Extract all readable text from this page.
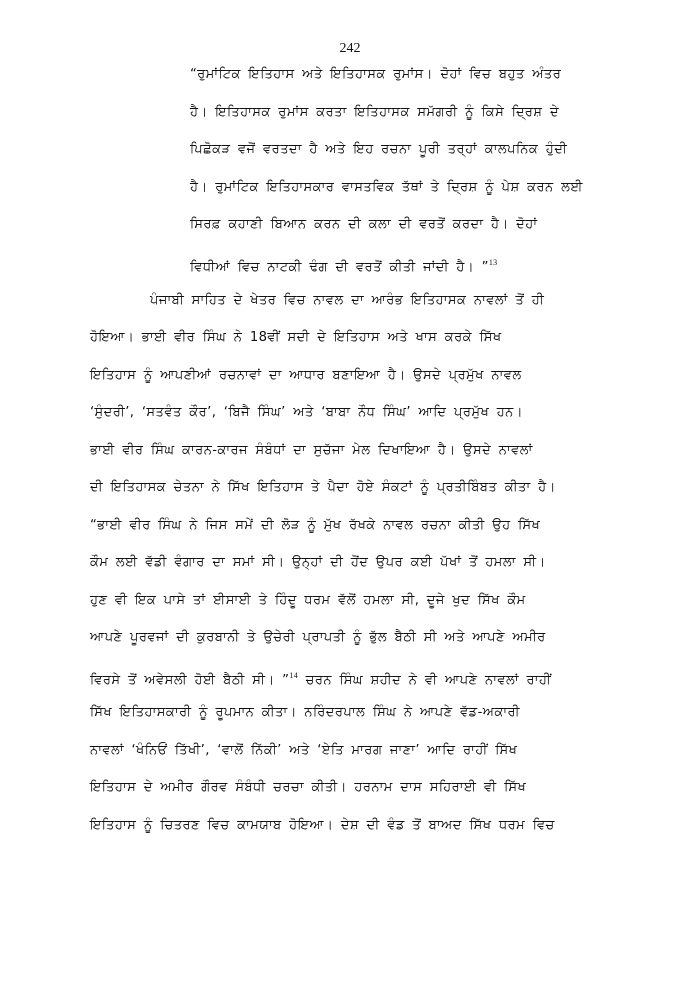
242
“ਰੁਮਾਂਟਿਕ ਇਤਿਹਾਸ ਅਤੇ ਇਤਿਹਾਸਕ ਰੁਮਾਂਸ। ਦੋਹਾਂ ਵਿਚ ਬਹੁਤ ਅੰਤਰ
ਹੈ। ਇਤਿਹਾਸਕ ਰੁਮਾਂਸ ਕਰਤਾ ਇਤਿਹਾਸਕ ਸਮੱਗਰੀ ਨੂੰ ਕਿਸੇ ਦ੍ਰਿਸ਼ ਦੇ
ਪਿਛੋਕੜ ਵਜੋਂ ਵਰਤਦਾ ਹੈ ਅਤੇ ਇਹ ਰਚਨਾ ਪੂਰੀ ਤਰ੍ਹਾਂ ਕਾਲਪਨਿਕ ਹੁੰਦੀ
ਹੈ। ਰੁਮਾਂਟਿਕ ਇਤਿਹਾਸਕਾਰ ਵਾਸਤਵਿਕ ਤੱਥਾਂ ਤੇ ਦ੍ਰਿਸ਼ ਨੂੰ ਪੇਸ਼ ਕਰਨ ਲਈ
ਸਿਰਫ਼ ਕਹਾਣੀ ਬਿਆਨ ਕਰਨ ਦੀ ਕਲਾ ਦੀ ਵਰਤੋਂ ਕਰਦਾ ਹੈ। ਦੋਹਾਂ
ਵਿਧੀਆਂ ਵਿਚ ਨਾਟਕੀ ਢੰਗ ਦੀ ਵਰਤੋਂ ਕੀਤੀ ਜਾਂਦੀ ਹੈ। ”$^{13}$
ਪੰਜਾਬੀ ਸਾਹਿਤ ਦੇ ਖੇਤਰ ਵਿਚ ਨਾਵਲ ਦਾ ਆਰੰਭ ਇਤਿਹਾਸਕ ਨਾਵਲਾਂ ਤੋਂ ਹੀ
ਹੋਇਆ। ਭਾਈ ਵੀਰ ਸਿੰਘ ਨੇ 18ਵੀਂ ਸਦੀ ਦੇ ਇਤਿਹਾਸ ਅਤੇ ਖਾਸ ਕਰਕੇ ਸਿੱਖ
ਇਤਿਹਾਸ ਨੂੰ ਆਪਣੀਆਂ ਰਚਨਾਵਾਂ ਦਾ ਆਧਾਰ ਬਣਾਇਆ ਹੈ। ਉਸਦੇ ਪ੍ਰਮੁੱਖ ਨਾਵਲ
‘ਸੁੰਦਰੀ’, ‘ਸਤਵੰਤ ਕੌਰ’, ‘ਬਿਜੈ ਸਿੰਘ’ ਅਤੇ ‘ਬਾਬਾ ਨੌਧ ਸਿੰਘ’ ਆਦਿ ਪ੍ਰਮੁੱਖ ਹਨ।
ਭਾਈ ਵੀਰ ਸਿੰਘ ਕਾਰਨ-ਕਾਰਜ ਸੰਬੰਧਾਂ ਦਾ ਸੁਚੱਜਾ ਮੇਲ ਦਿਖਾਇਆ ਹੈ। ਉਸਦੇ ਨਾਵਲਾਂ
ਦੀ ਇਤਿਹਾਸਕ ਚੇਤਨਾ ਨੇ ਸਿੱਖ ਇਤਿਹਾਸ ਤੇ ਪੈਦਾ ਹੋਏ ਸੰਕਟਾਂ ਨੂੰ ਪ੍ਰਤੀਬਿੰਬਤ ਕੀਤਾ ਹੈ।
“ਭਾਈ ਵੀਰ ਸਿੰਘ ਨੇ ਜਿਸ ਸਮੇਂ ਦੀ ਲੋੜ ਨੂੰ ਮੁੱਖ ਰੱਖਕੇ ਨਾਵਲ ਰਚਨਾ ਕੀਤੀ ਉਹ ਸਿੱਖ
ਕੌਮ ਲਈ ਵੱਡੀ ਵੰਗਾਰ ਦਾ ਸਮਾਂ ਸੀ। ਉਨ੍ਹਾਂ ਦੀ ਹੋਂਦ ਉਪਰ ਕਈ ਪੱਖਾਂ ਤੋਂ ਹਮਲਾ ਸੀ।
ਹੁਣ ਵੀ ਇਕ ਪਾਸੇ ਤਾਂ ਈਸਾਈ ਤੇ ਹਿੰਦੂ ਧਰਮ ਵੱਲੋਂ ਹਮਲਾ ਸੀ, ਦੂਜੇ ਖੁਦ ਸਿੱਖ ਕੌਮ
ਆਪਣੇ ਪੂਰਵਜਾਂ ਦੀ ਕੁਰਬਾਨੀ ਤੇ ਉਚੇਰੀ ਪ੍ਰਾਪਤੀ ਨੂੰ ਭੁੱਲ ਬੈਠੀ ਸੀ ਅਤੇ ਆਪਣੇ ਅਮੀਰ
ਵਿਰਸੇ ਤੋਂ ਅਵੇਸਲੀ ਹੋਈ ਬੈਠੀ ਸੀ। ”$^{14}$ ਚਰਨ ਸਿੰਘ ਸ਼ਹੀਦ ਨੇ ਵੀ ਆਪਣੇ ਨਾਵਲਾਂ ਰਾਹੀਂ
ਸਿੱਖ ਇਤਿਹਾਸਕਾਰੀ ਨੂੰ ਰੂਪਮਾਨ ਕੀਤਾ। ਨਰਿੰਦਰਪਾਲ ਸਿੰਘ ਨੇ ਆਪਣੇ ਵੱਡ-ਅਕਾਰੀ
ਨਾਵਲਾਂ ‘ਖੰਨਿਓਂ ਤਿੱਖੀ’, ‘ਵਾਲੋਂ ਨਿੱਕੀ’ ਅਤੇ ‘ਏਤਿ ਮਾਰਗ ਜਾਣਾ’ ਆਦਿ ਰਾਹੀਂ ਸਿੱਖ
ਇਤਿਹਾਸ ਦੇ ਅਮੀਰ ਗੌਰਵ ਸੰਬੰਧੀ ਚਰਚਾ ਕੀਤੀ। ਹਰਨਾਮ ਦਾਸ ਸਹਿਰਾਈ ਵੀ ਸਿੱਖ
ਇਤਿਹਾਸ ਨੂੰ ਚਿਤਰਣ ਵਿਚ ਕਾਮਯਾਬ ਹੋਇਆ। ਦੇਸ਼ ਦੀ ਵੰਡ ਤੋਂ ਬਾਅਦ ਸਿੱਖ ਧਰਮ ਵਿਚ
